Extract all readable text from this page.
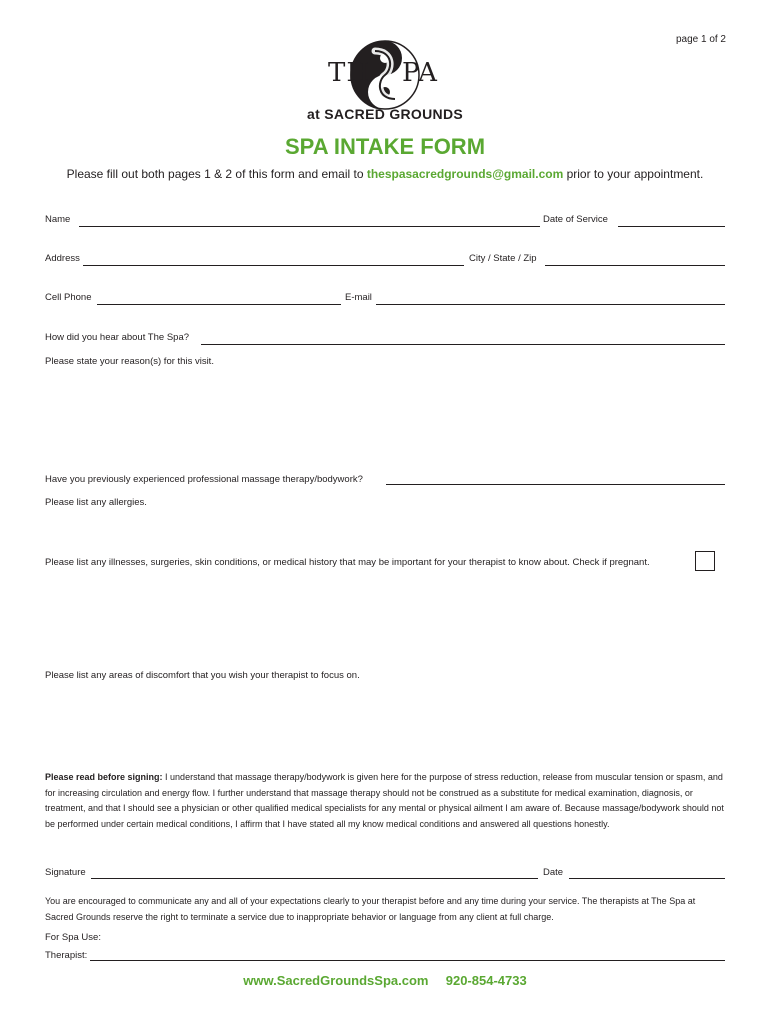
page 1 of 2
TH PA
at SACRED GROUNDS
SPA INTAKE FORM
Please fill out both pages 1 & 2 of this form and email to thespasacredgrounds@gmail.com prior to your appointment.
Name	Date of Service
Address	City / State / Zip
Cell Phone	E-mail
How did you hear about The Spa?
Please state your reason(s) for this visit.
Have you previously experienced professional massage therapy/bodywork?
Please list any allergies.
Please list any illnesses, surgeries, skin conditions, or medical history that may be important for your therapist to know about. Check if pregnant.
Please list any areas of discomfort that you wish your therapist to focus on.
Please read before signing: I understand that massage therapy/bodywork is given here for the purpose of stress reduction, release from muscular tension or spasm, and for increasing circulation and energy flow. I further understand that massage therapy should not be construed as a substitute for medical examination, diagnosis, or treatment, and that I should see a physician or other qualified medical specialists for any mental or physical ailment I am aware of. Because massage/bodywork should not be performed under certain medical conditions, I affirm that I have stated all my know medical conditions and answered all questions honestly.
Signature	Date
You are encouraged to communicate any and all of your expectations clearly to your therapist before and any time during your service. The therapists at The Spa at Sacred Grounds reserve the right to terminate a service due to inappropriate behavior or language from any client at full charge.
For Spa Use:
Therapist:
www.SacredGroundsSpa.com 920-854-4733
